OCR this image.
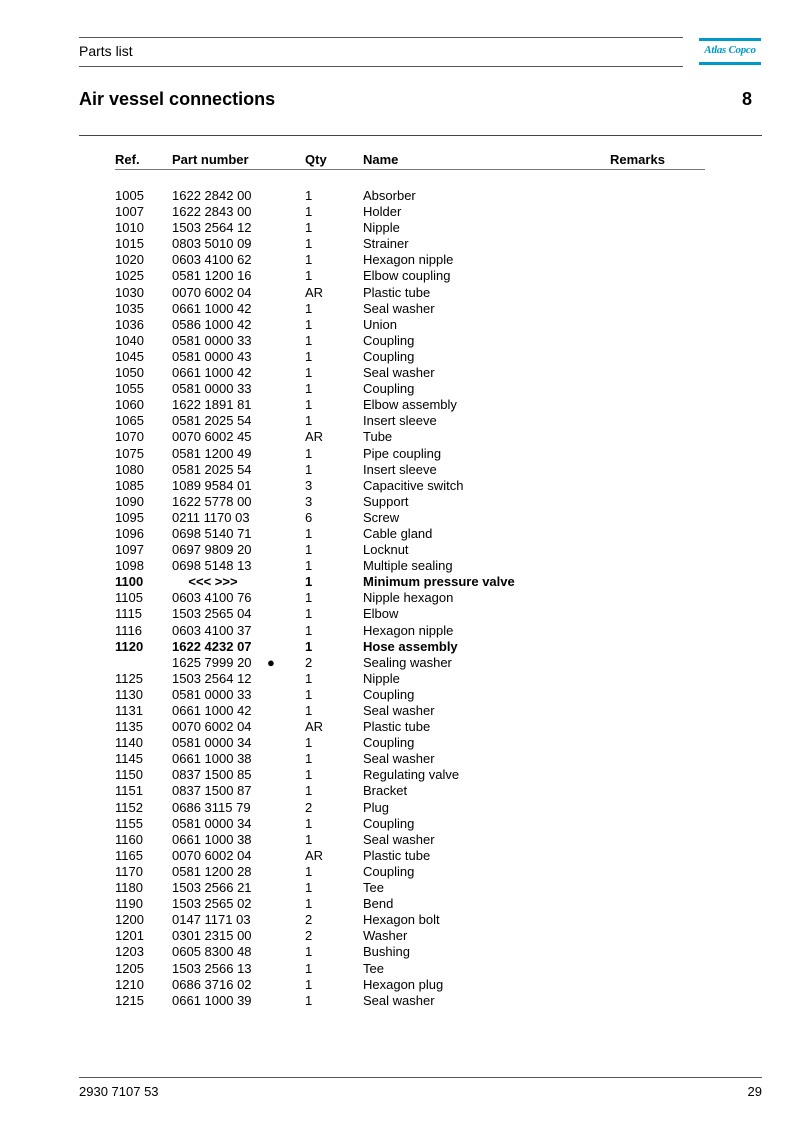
Parts list	Atlas Copco
Air vessel connections	8
Ref. Part number	Qty	Name	Remarks
1005 1622 2842 00	1	Absorber
1007 1622 2843 00	1	Holder
1010 1503 2564 12	1	Nipple
1015 0803 5010 09	1	Strainer
1020 0603 4100 62	1	Hexagon nipple
1025 0581 1200 16	1	Elbow coupling
1030 0070 6002 04	AR	Plastic tube
1035 0661 1000 42	1	Seal washer
1036 0586 1000 42	1	Union
1040 0581 0000 33	1	Coupling
1045 0581 0000 43	1	Coupling
1050 0661 1000 42	1	Seal washer
1055 0581 0000 33	1	Coupling
1060 1622 1891 81	1	Elbow assembly
1065 0581 2025 54	1	Insert sleeve
1070 0070 6002 45	AR	Tube
1075 0581 1200 49	1	Pipe coupling
1080 0581 2025 54	1	Insert sleeve
1085 1089 9584 01	3	Capacitive switch
1090 1622 5778 00	3	Support
1095 0211 1170 03	6	Screw
1096 0698 5140 71	1	Cable gland
1097 0697 9809 20	1	Locknut
1098 0698 5148 13	1	Multiple sealing
1100	<<< >>>	1	Minimum pressure valve
1105 0603 4100 76	1	Nipple hexagon
1115 1503 2565 04	1	Elbow
1116 0603 4100 37	1	Hexagon nipple
1120 1622 4232 07	1	Hose assembly
1625 7999 20	2	Sealing washer
●
1125 1503 2564 12	1	Nipple
1130 0581 0000 33	1	Coupling
1131 0661 1000 42	1	Seal washer
1135 0070 6002 04	AR	Plastic tube
1140 0581 0000 34	1	Coupling
1145 0661 1000 38	1	Seal washer
1150 0837 1500 85	1	Regulating valve
1151 0837 1500 87	1	Bracket
1152 0686 3115 79	2	Plug
1155 0581 0000 34	1	Coupling
1160 0661 1000 38	1	Seal washer
1165 0070 6002 04	AR	Plastic tube
1170 0581 1200 28	1	Coupling
1180 1503 2566 21	1	Tee
1190 1503 2565 02	1	Bend
1200 0147 1171 03	2	Hexagon bolt
1201 0301 2315 00	2	Washer
1203 0605 8300 48	1	Bushing
1205 1503 2566 13	1	Tee
1210 0686 3716 02	1	Hexagon plug
1215 0661 1000 39	1	Seal washer
2930 7107 53	29
